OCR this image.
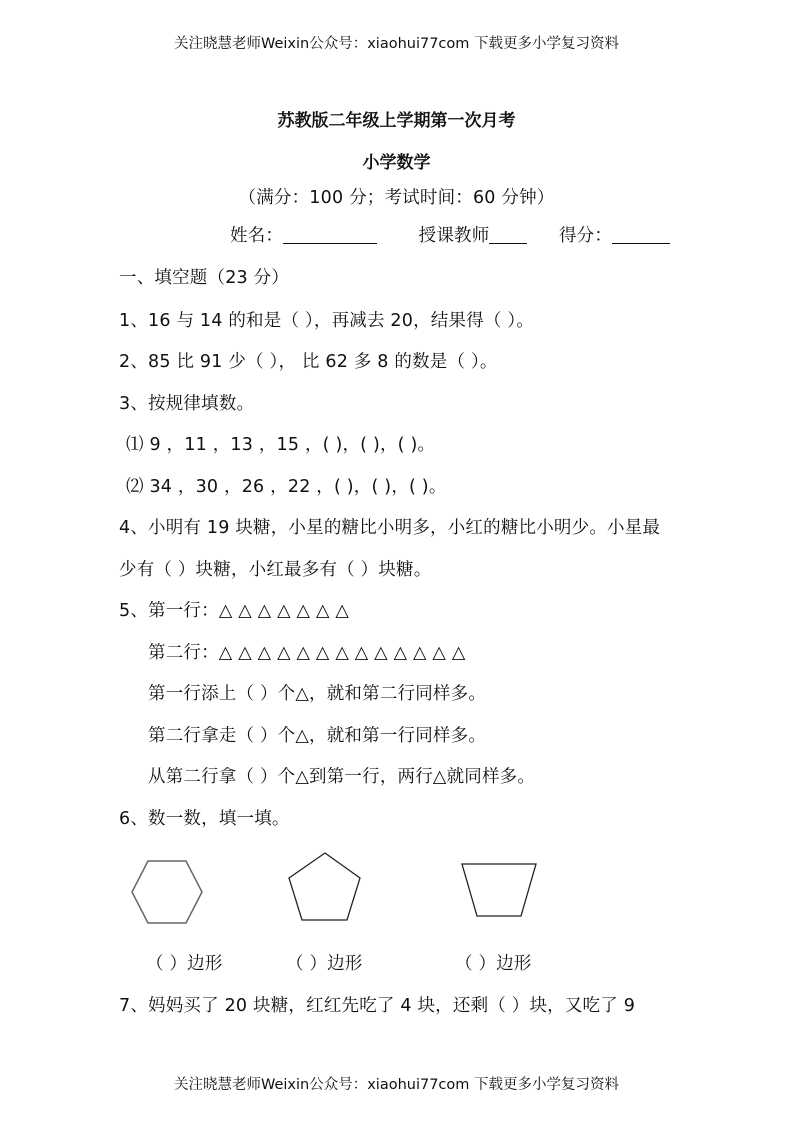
关注晓慧老师Weixin公众号：xiaohui77com 下载更多小学复习资料
苏教版二年级上学期第一次月考
小学数学
（满分：100 分；考试时间：60 分钟）
姓名：	授课教师	得分：
一、填空题（23 分）
1、16 与 14 的和是（ ），再减去 20，结果得（ ）。
2、85 比 91 少（ ）， 比 62 多 8 的数是（ ）。
3、按规律填数。
⑴ 9 ，11 ，13 ，15 ，( )，( )，( )。
⑵ 34 ，30 ，26 ，22 ，( )，( )，( )。
4、小明有 19 块糖，小星的糖比小明多，小红的糖比小明少。小星最
少有（ ）块糖，小红最多有（ ）块糖。
5、第一行：△ △ △ △ △ △ △
第二行：△ △ △ △ △ △ △ △ △ △ △ △ △
第一行添上（ ）个△，就和第二行同样多。
第二行拿走（ ）个△，就和第一行同样多。
从第二行拿（ ）个△到第一行，两行△就同样多。
6、数一数，填一填。
（ ）边形	（ ）边形	（ ）边形
7、妈妈买了 20 块糖，红红先吃了 4 块，还剩（ ）块，又吃了 9
关注晓慧老师Weixin公众号：xiaohui77com 下载更多小学复习资料
